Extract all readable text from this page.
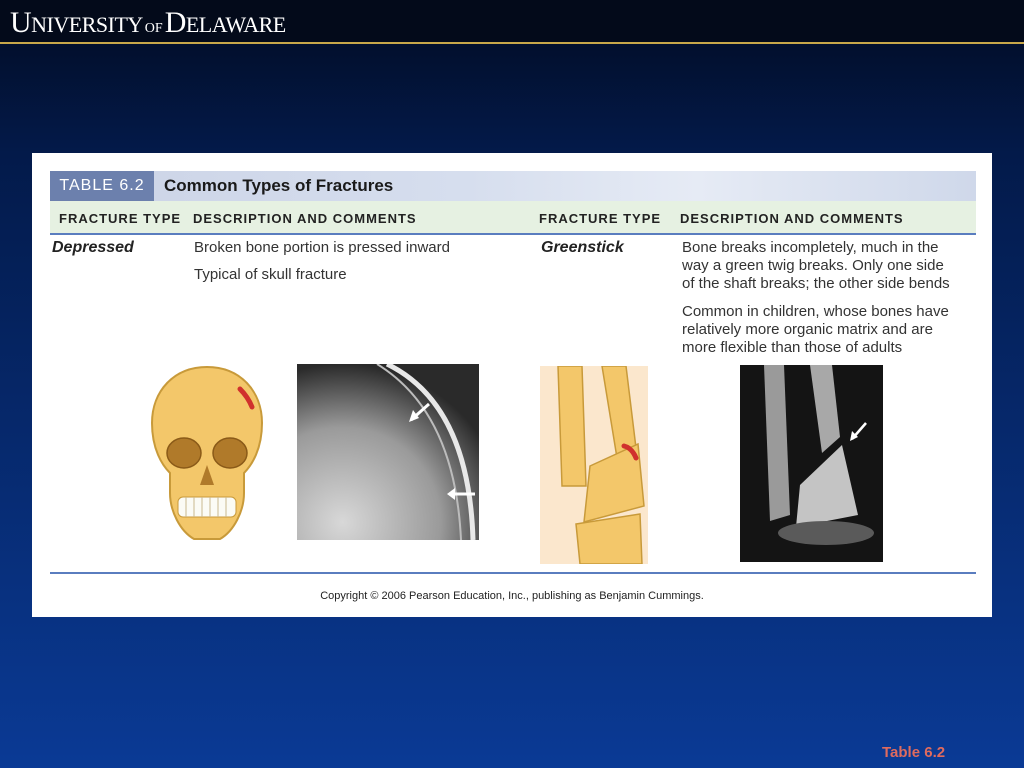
UNIVERSITY OFDELAWARE
TABLE 6.2	Common Types of Fractures
FRACTURE TYPE DESCRIPTION AND COMMENTS	FRACTURE TYPE DESCRIPTION AND COMMENTS
Depressed	Broken bone portion is pressed inward
Typical of skull fracture
Greenstick	Bone breaks incompletely, much in the
way a green twig breaks. Only one side
of the shaft breaks; the other side bends
Common in children, whose bones have
relatively more organic matrix and are
more flexible than those of adults
Copyright © 2006 Pearson Education, Inc., publishing as Benjamin Cummings.
Table 6.2
